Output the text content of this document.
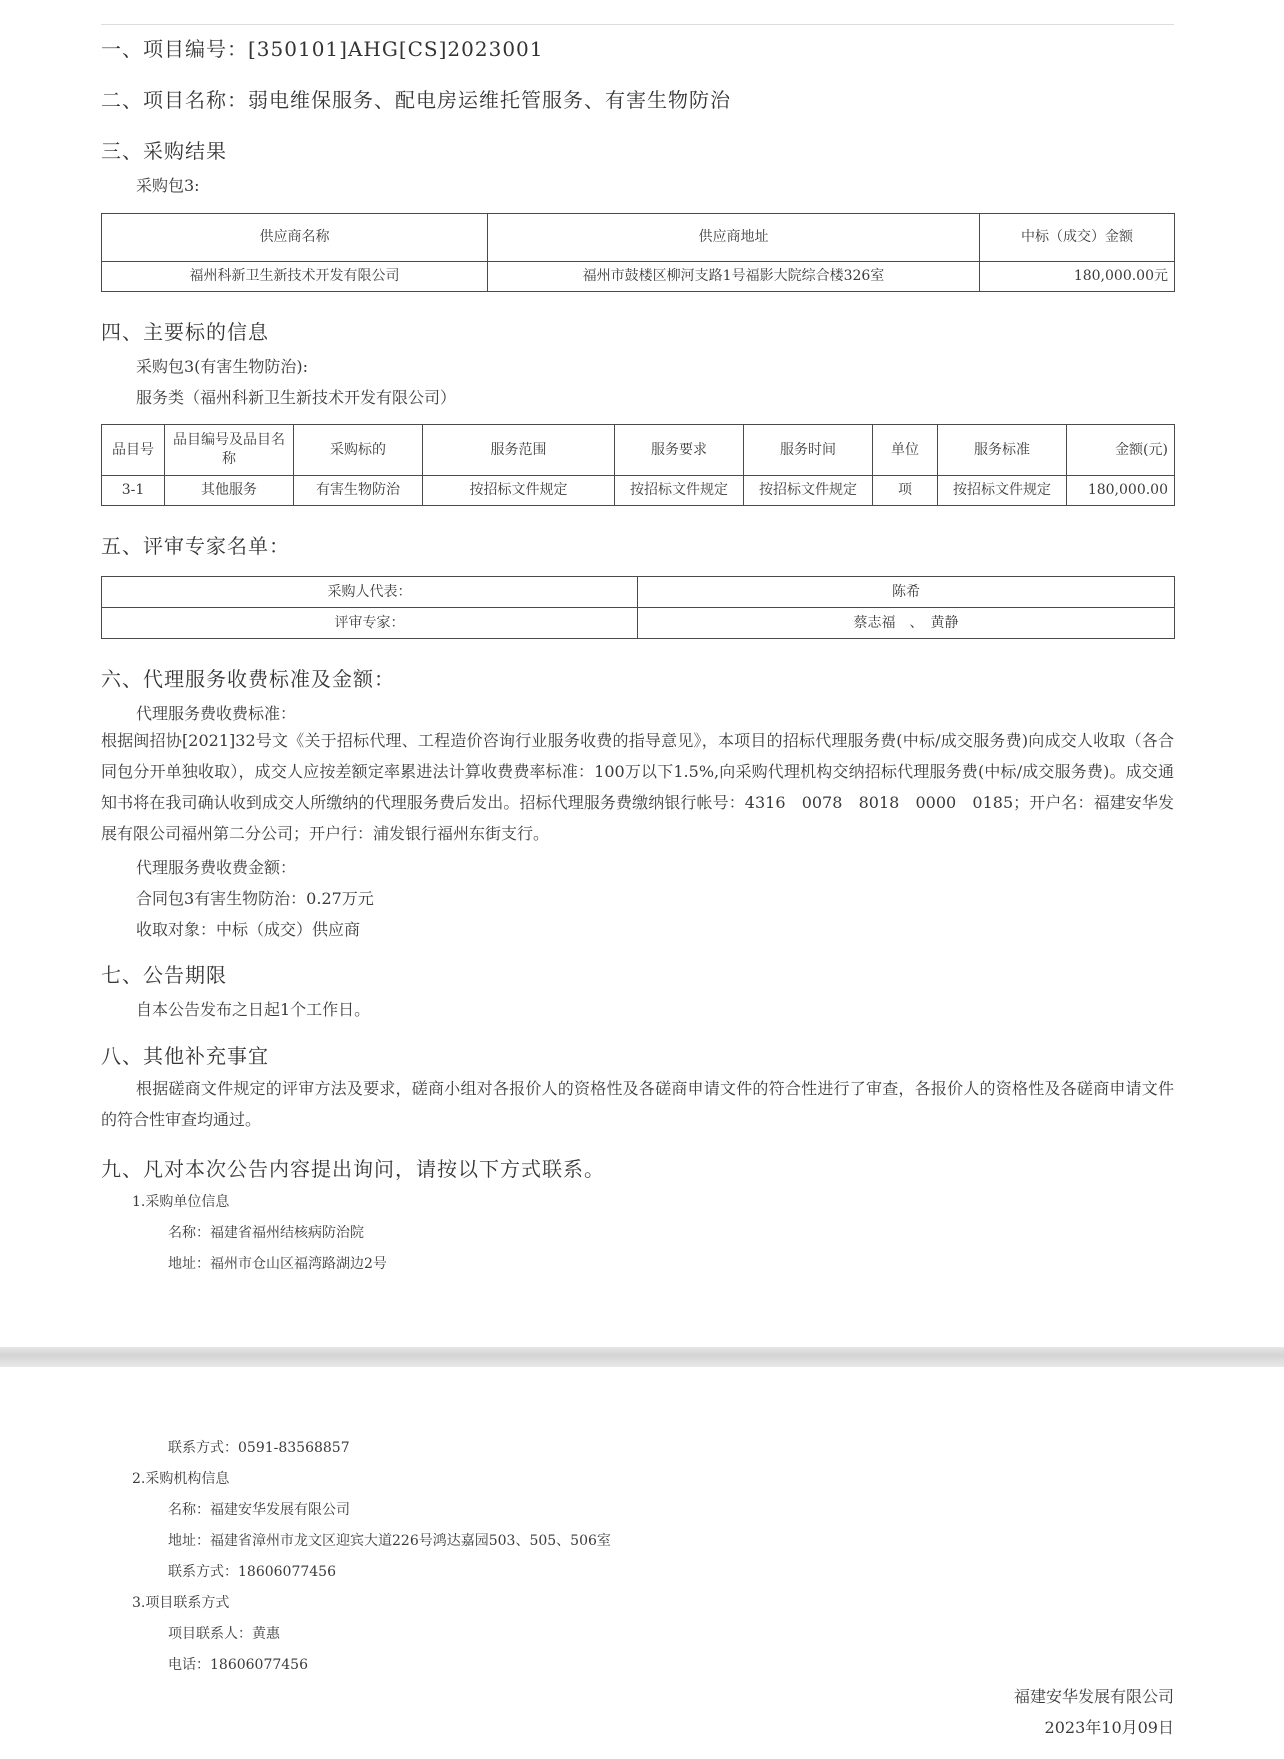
一、项目编号：[350101]AHG[CS]2023001
二、项目名称：弱电维保服务、配电房运维托管服务、有害生物防治
三、采购结果
采购包3:
供应商名称	供应商地址	中标（成交）金额
福州科新卫生新技术开发有限公司	福州市鼓楼区柳河支路1号福影大院综合楼326室	180,000.00元
四、主要标的信息
采购包3(有害生物防治):
服务类（福州科新卫生新技术开发有限公司）
品目号	品目编号及品目名称	采购标的	服务范围	服务要求	服务时间	单位	服务标准	金额(元)
3-1	其他服务	有害生物防治	按招标文件规定	按招标文件规定	按招标文件规定	项	按招标文件规定	180,000.00
五、评审专家名单：
采购人代表：	陈希
评审专家：	蔡志福　、　黄静
六、代理服务收费标准及金额：
代理服务费收费标准：
根据闽招协[2021]32号文《关于招标代理、工程造价咨询行业服务收费的指导意见》，本项目的招标代理服务费(中标/成交服务费)向成交人收取（各合同包分开单独收取），成交人应按差额定率累进法计算收费费率标准：100万以下1.5%,向采购代理机构交纳招标代理服务费(中标/成交服务费)。成交通知书将在我司确认收到成交人所缴纳的代理服务费后发出。招标代理服务费缴纳银行帐号：4316　0078　8018　0000　0185；开户名：福建安华发展有限公司福州第二分公司；开户行：浦发银行福州东街支行。
代理服务费收费金额：
合同包3有害生物防治：0.27万元
收取对象：中标（成交）供应商
七、公告期限
自本公告发布之日起1个工作日。
八、其他补充事宜
根据磋商文件规定的评审方法及要求，磋商小组对各报价人的资格性及各磋商申请文件的符合性进行了审查，各报价人的资格性及各磋商申请文件的符合性审查均通过。
九、凡对本次公告内容提出询问，请按以下方式联系。
1.采购单位信息
名称：福建省福州结核病防治院
地址：福州市仓山区福湾路湖边2号
联系方式：0591-83568857
2.采购机构信息
名称：福建安华发展有限公司
地址：福建省漳州市龙文区迎宾大道226号鸿达嘉园503、505、506室
联系方式：18606077456
3.项目联系方式
项目联系人：黄惠
电话：18606077456
福建安华发展有限公司
2023年10月09日
